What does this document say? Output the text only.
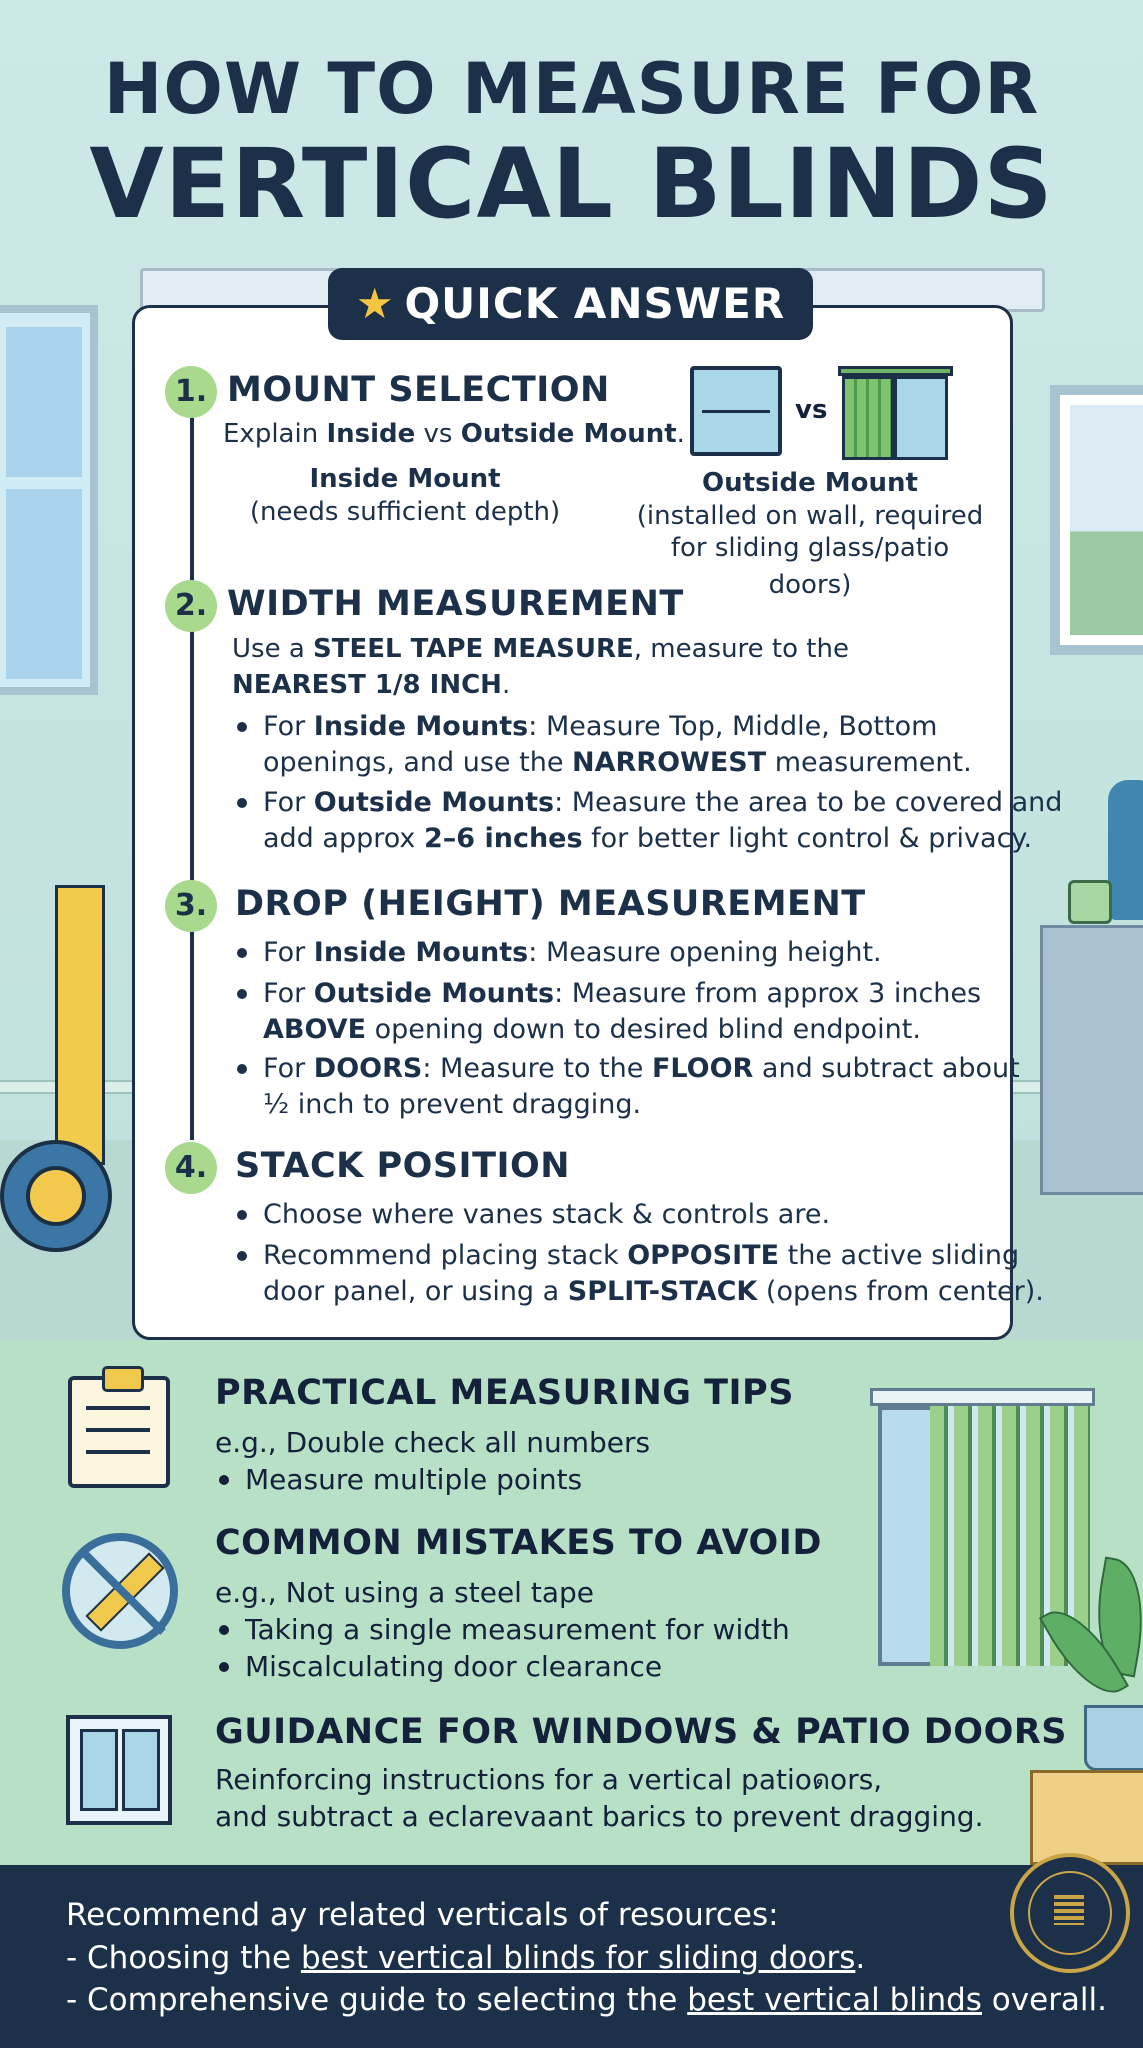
HOW TO MEASURE FOR
VERTICAL BLINDS
★ QUICK ANSWER
1. MOUNT SELECTION
Explain Inside vs Outside Mount.
Inside Mount
(needs sufficient depth)
vs
Outside Mount
(installed on wall, required
for sliding glass/patio doors)
2. WIDTH MEASUREMENT
Use a STEEL TAPE MEASURE, measure to the
NEAREST 1/8 INCH.
For Inside Mounts: Measure Top, Middle, Bottom
openings, and use the NARROWEST measurement.
For Outside Mounts: Measure the area to be covered and
add approx 2–6 inches for better light control & privacy.
3. DROP (HEIGHT) MEASUREMENT
For Inside Mounts: Measure opening height.
For Outside Mounts: Measure from approx 3 inches
ABOVE opening down to desired blind endpoint.
For DOORS: Measure to the FLOOR and subtract about
½ inch to prevent dragging.
4. STACK POSITION
Choose where vanes stack & controls are.
Recommend placing stack OPPOSITE the active sliding
door panel, or using a SPLIT-STACK (opens from center).
PRACTICAL MEASURING TIPS
e.g., Double check all numbers
Measure multiple points
COMMON MISTAKES TO AVOID
e.g., Not using a steel tape
Taking a single measurement for width
Miscalculating door clearance
GUIDANCE FOR WINDOWS & PATIO DOORS
Reinforcing instructions for a vertical patioดors,
and subtract a eclarevaant barics to prevent dragging.
Recommend ay related verticals of resources:
- Choosing the best vertical blinds for sliding doors.
- Comprehensive guide to selecting the best vertical blinds overall.
